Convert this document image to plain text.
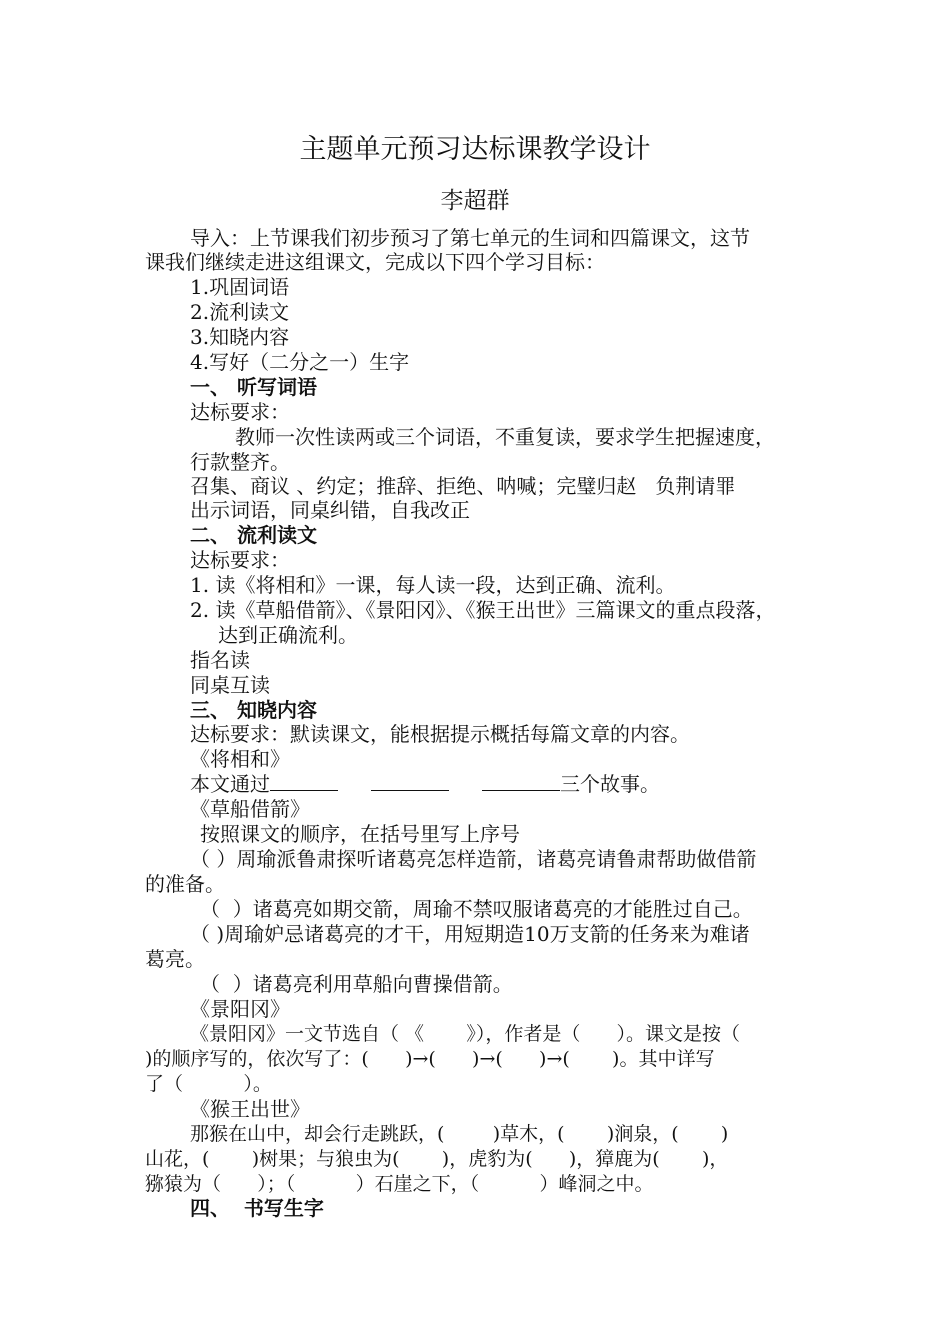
主题单元预习达标课教学设计
李超群
导入：上节课我们初步预习了第七单元的生词和四篇课文，这节
课我们继续走进这组课文，完成以下四个学习目标：
1.巩固词语
2.流利读文
3.知晓内容
4.写好（二分之一）生字
一、 听写词语
达标要求：
教师一次性读两或三个词语，不重复读，要求学生把握速度，
行款整齐。
召集、商议 、约定；推辞、拒绝、呐喊；完璧归赵   负荆请罪
出示词语，同桌纠错，自我改正
二、 流利读文
达标要求：
1. 读《将相和》一课，每人读一段，达到正确、流利。
2. 读《草船借箭》、《景阳冈》、《猴王出世》三篇课文的重点段落，
达到正确流利。
指名读
同桌互读
三、 知晓内容
达标要求：默读课文，能根据提示概括每篇文章的内容。
《将相和》
本文通过	三个故事。
《草船借箭》
按照课文的顺序，在括号里写上序号
（ ）周瑜派鲁肃探听诸葛亮怎样造箭，诸葛亮请鲁肃帮助做借箭
的准备。
（  ）诸葛亮如期交箭，周瑜不禁叹服诸葛亮的才能胜过自己。
（ )周瑜妒忌诸葛亮的才干，用短期造10万支箭的任务来为难诸
葛亮。
（  ）诸葛亮利用草船向曹操借箭。
《景阳冈》
《景阳冈》一文节选自（ 《       》），作者是（      ）。课文是按（
)的顺序写的，依次写了：(      )→(      )→(      )→(       )。其中详写
了（          ）。
《猴王出世》
那猴在山中，却会行走跳跃，(        )草木，(       )涧泉，(       )
山花，(       )树果；与狼虫为(       )，虎豹为(      )，獐鹿为(       )，
猕猿为（      ）；（          ）石崖之下，（          ）峰洞之中。
四、  书写生字
